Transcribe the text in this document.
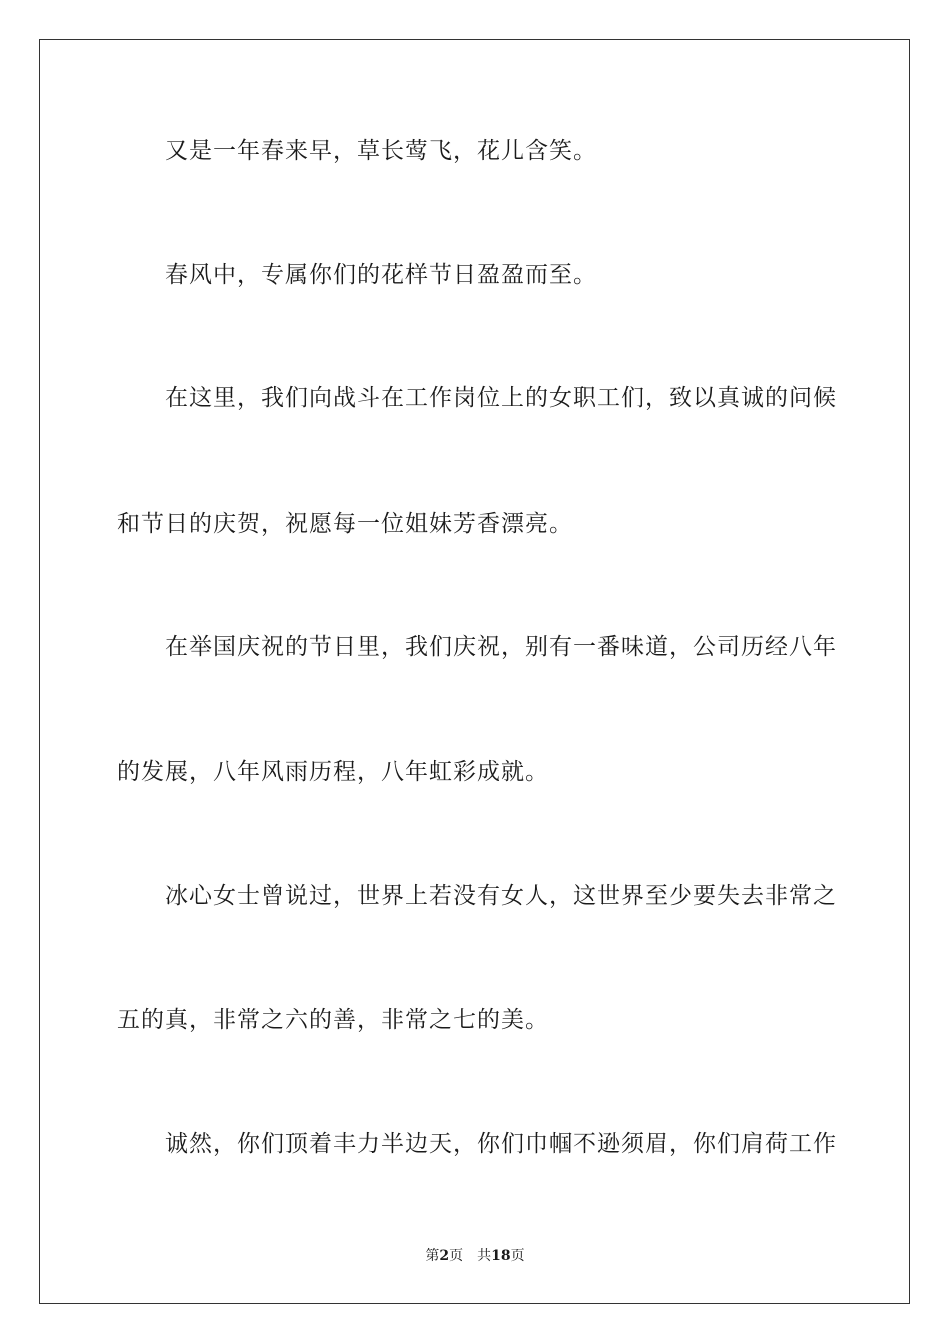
又是一年春来早，草长莺飞，花儿含笑。
春风中，专属你们的花样节日盈盈而至。
在这里，我们向战斗在工作岗位上的女职工们，致以真诚的问候
和节日的庆贺，祝愿每一位姐妹芳香漂亮。
在举国庆祝的节日里，我们庆祝，别有一番味道，公司历经八年
的发展，八年风雨历程，八年虹彩成就。
冰心女士曾说过，世界上若没有女人，这世界至少要失去非常之
五的真，非常之六的善，非常之七的美。
诚然，你们顶着丰力半边天，你们巾帼不逊须眉，你们肩荷工作
第2页 共18页
